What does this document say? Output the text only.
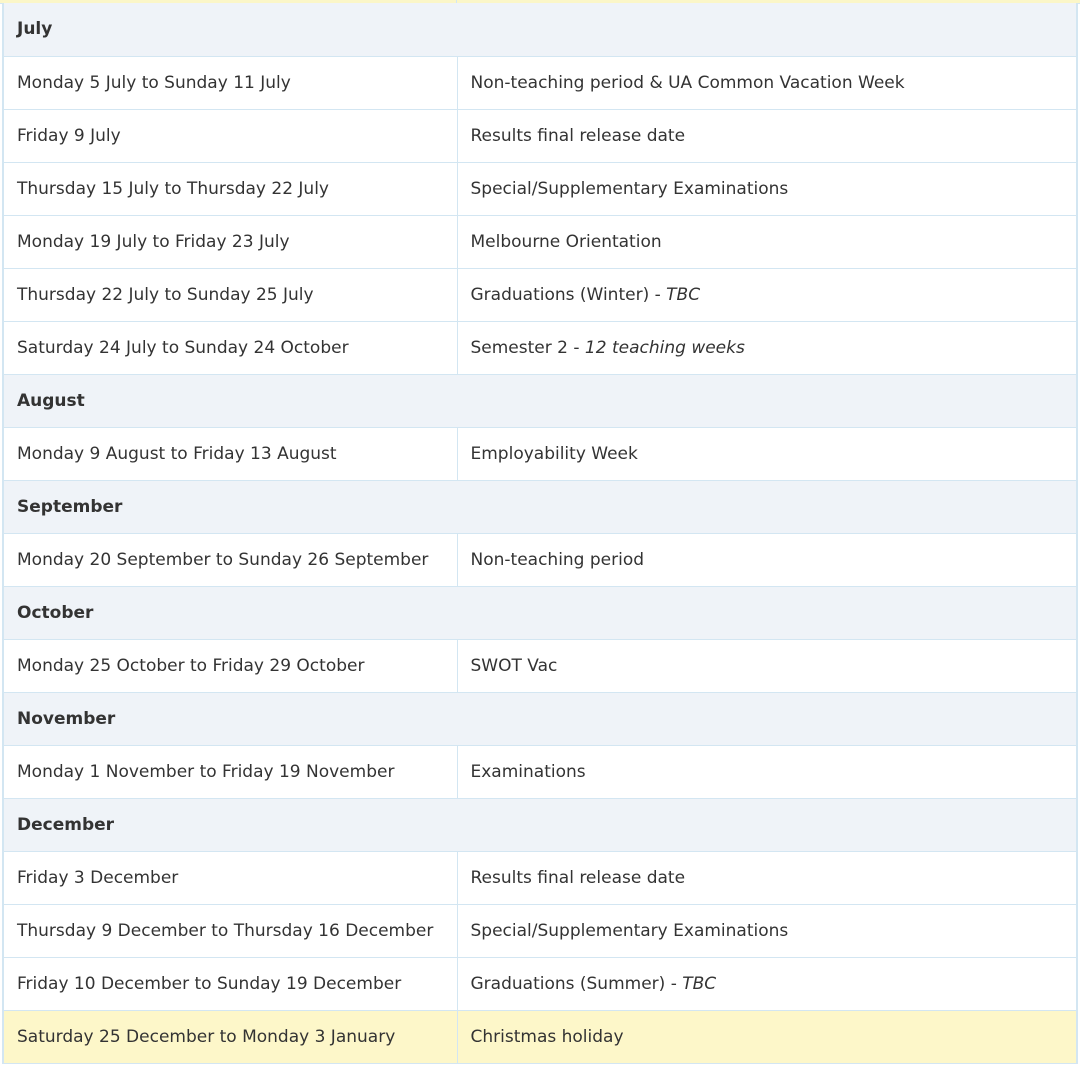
July	
Monday 5 July to Sunday 11 July	Non-teaching period & UA Common Vacation Week
Friday 9 July	Results final release date
Thursday 15 July to Thursday 22 July	Special/Supplementary Examinations
Monday 19 July to Friday 23 July	Melbourne Orientation
Thursday 22 July to Sunday 25 July	Graduations (Winter) - TBC
Saturday 24 July to Sunday 24 October	Semester 2 - 12 teaching weeks
August	
Monday 9 August to Friday 13 August	Employability Week
September	
Monday 20 September to Sunday 26 September	Non-teaching period
October	
Monday 25 October to Friday 29 October	SWOT Vac
November	
Monday 1 November to Friday 19 November	Examinations
December	
Friday 3 December	Results final release date
Thursday 9 December to Thursday 16 December	Special/Supplementary Examinations
Friday 10 December to Sunday 19 December	Graduations (Summer) - TBC
Saturday 25 December to Monday 3 January	Christmas holiday
